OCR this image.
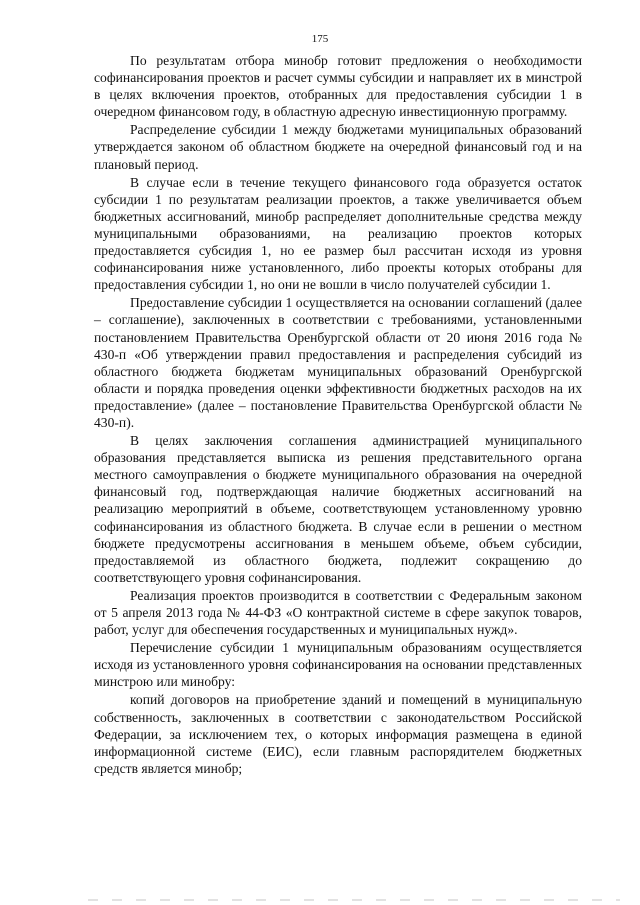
175

По результатам отбора минобр готовит предложения о необходимости софинансирования проектов и расчет суммы субсидии и направляет их в минстрой в целях включения проектов, отобранных для предоставления субсидии 1 в очередном финансовом году, в областную адресную инвестиционную программу.

Распределение субсидии 1 между бюджетами муниципальных образований утверждается законом об областном бюджете на очередной финансовый год и на плановый период.

В случае если в течение текущего финансового года образуется остаток субсидии 1 по результатам реализации проектов, а также увеличивается объем бюджетных ассигнований, минобр распределяет дополнительные средства между муниципальными образованиями, на реализацию проектов которых предоставляется субсидия 1, но ее размер был рассчитан исходя из уровня софинансирования ниже установленного, либо проекты которых отобраны для предоставления субсидии 1, но они не вошли в число получателей субсидии 1.

Предоставление субсидии 1 осуществляется на основании соглашений (далее – соглашение), заключенных в соответствии с требованиями, установленными постановлением Правительства Оренбургской области от 20 июня 2016 года № 430-п «Об утверждении правил предоставления и распределения субсидий из областного бюджета бюджетам муниципальных образований Оренбургской области и порядка проведения оценки эффективности бюджетных расходов на их предоставление» (далее – постановление Правительства Оренбургской области № 430-п).

В целях заключения соглашения администрацией муниципального образования представляется выписка из решения представительного органа местного самоуправления о бюджете муниципального образования на очередной финансовый год, подтверждающая наличие бюджетных ассигнований на реализацию мероприятий в объеме, соответствующем установленному уровню софинансирования из областного бюджета. В случае если в решении о местном бюджете предусмотрены ассигнования в меньшем объеме, объем субсидии, предоставляемой из областного бюджета, подлежит сокращению до соответствующего уровня софинансирования.

Реализация проектов производится в соответствии с Федеральным законом от 5 апреля 2013 года № 44-ФЗ «О контрактной системе в сфере закупок товаров, работ, услуг для обеспечения государственных и муниципальных нужд».

Перечисление субсидии 1 муниципальным образованиям осуществляется исходя из установленного уровня софинансирования на основании представленных минстрою или минобру:

копий договоров на приобретение зданий и помещений в муниципальную собственность, заключенных в соответствии с законодательством Российской Федерации, за исключением тех, о которых информация размещена в единой информационной системе (ЕИС), если главным распорядителем бюджетных средств является минобр;
